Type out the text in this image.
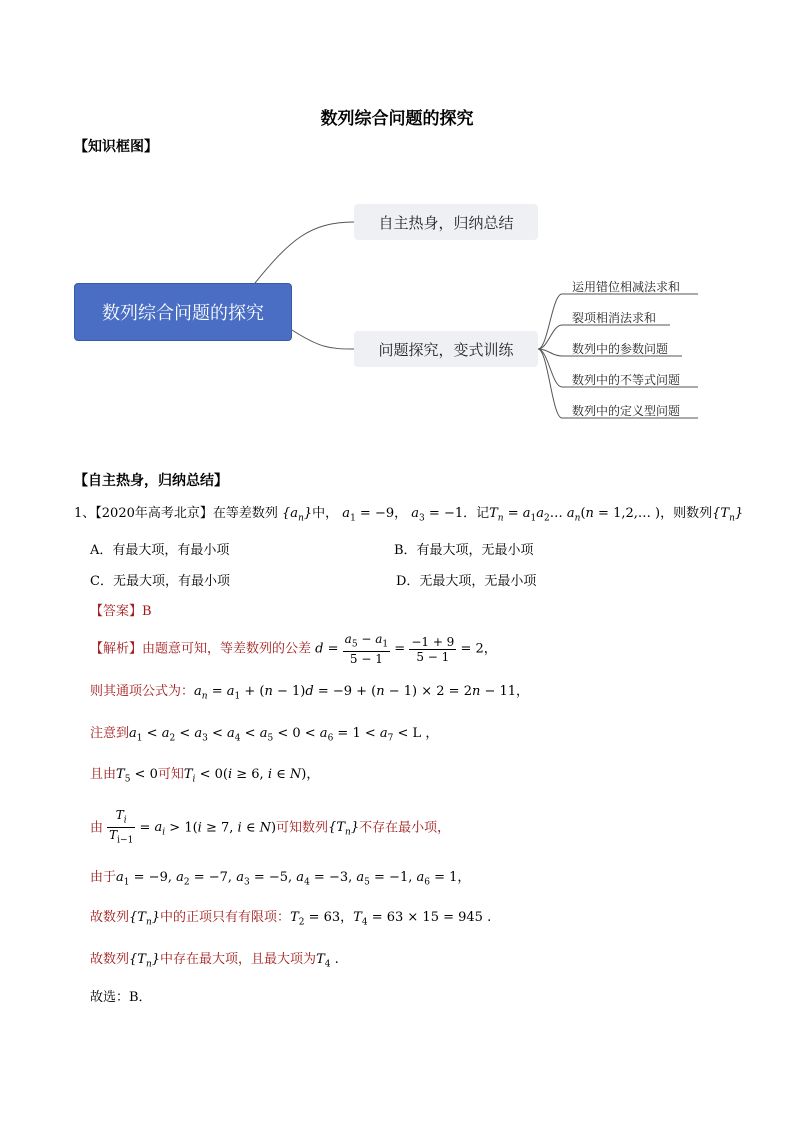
数列综合问题的探究
【知识框图】
数列综合问题的探究
自主热身，归纳总结
问题探究，变式训练
运用错位相减法求和
裂项相消法求和
数列中的参数问题
数列中的不等式问题
数列中的定义型问题
【自主热身，归纳总结】
1、【2020年高考北京】在等差数列 $\{a_n\}$中， $a_1 = -9$， $a_3 = -1$．记$T_n$ = $a_1a_2\dots$ $a_n(n$ = 1,2,… )，则数列$\{T_n\}$
A．有最大项，有最小项	B．有最大项，无最小项
C．无最大项，有最小项	D．无最大项，无最小项
【答案】B
【解析】由题意可知，等差数列的公差 $d = \frac{a_5 - a_1}{5 - 1} = \frac{-1 + 9}{5 - 1} = 2$，
则其通项公式为：$a_n = a_1 + (n - 1)d = -9 + (n - 1) \times 2 = 2n - 11$，
注意到$a_1 < a_2 < a_3 < a_4 < a_5 < 0 < a_6 = 1 < a_7 < L$ ，
且由$T_5 < 0$可知$T_i < 0(i \ge 6$, i ∈ N)，
由 $\frac{T_i}{T_{i-1}} = a_i > 1(i \ge 7$, i ∈ N)可知数列$\{T_n\}$不存在最小项，
由于$a_1 = -9$, $a_2 = -7$, $a_3 = -5$, $a_4 = -3$, $a_5 = -1$, $a_6 = 1$，
故数列$\{T_n\}$中的正项只有有限项：$T_2 = 63$，$T_4 = 63 \times 15 = 945$ .
故数列$\{T_n\}$中存在最大项，且最大项为$T_4$ .
故选：B．
